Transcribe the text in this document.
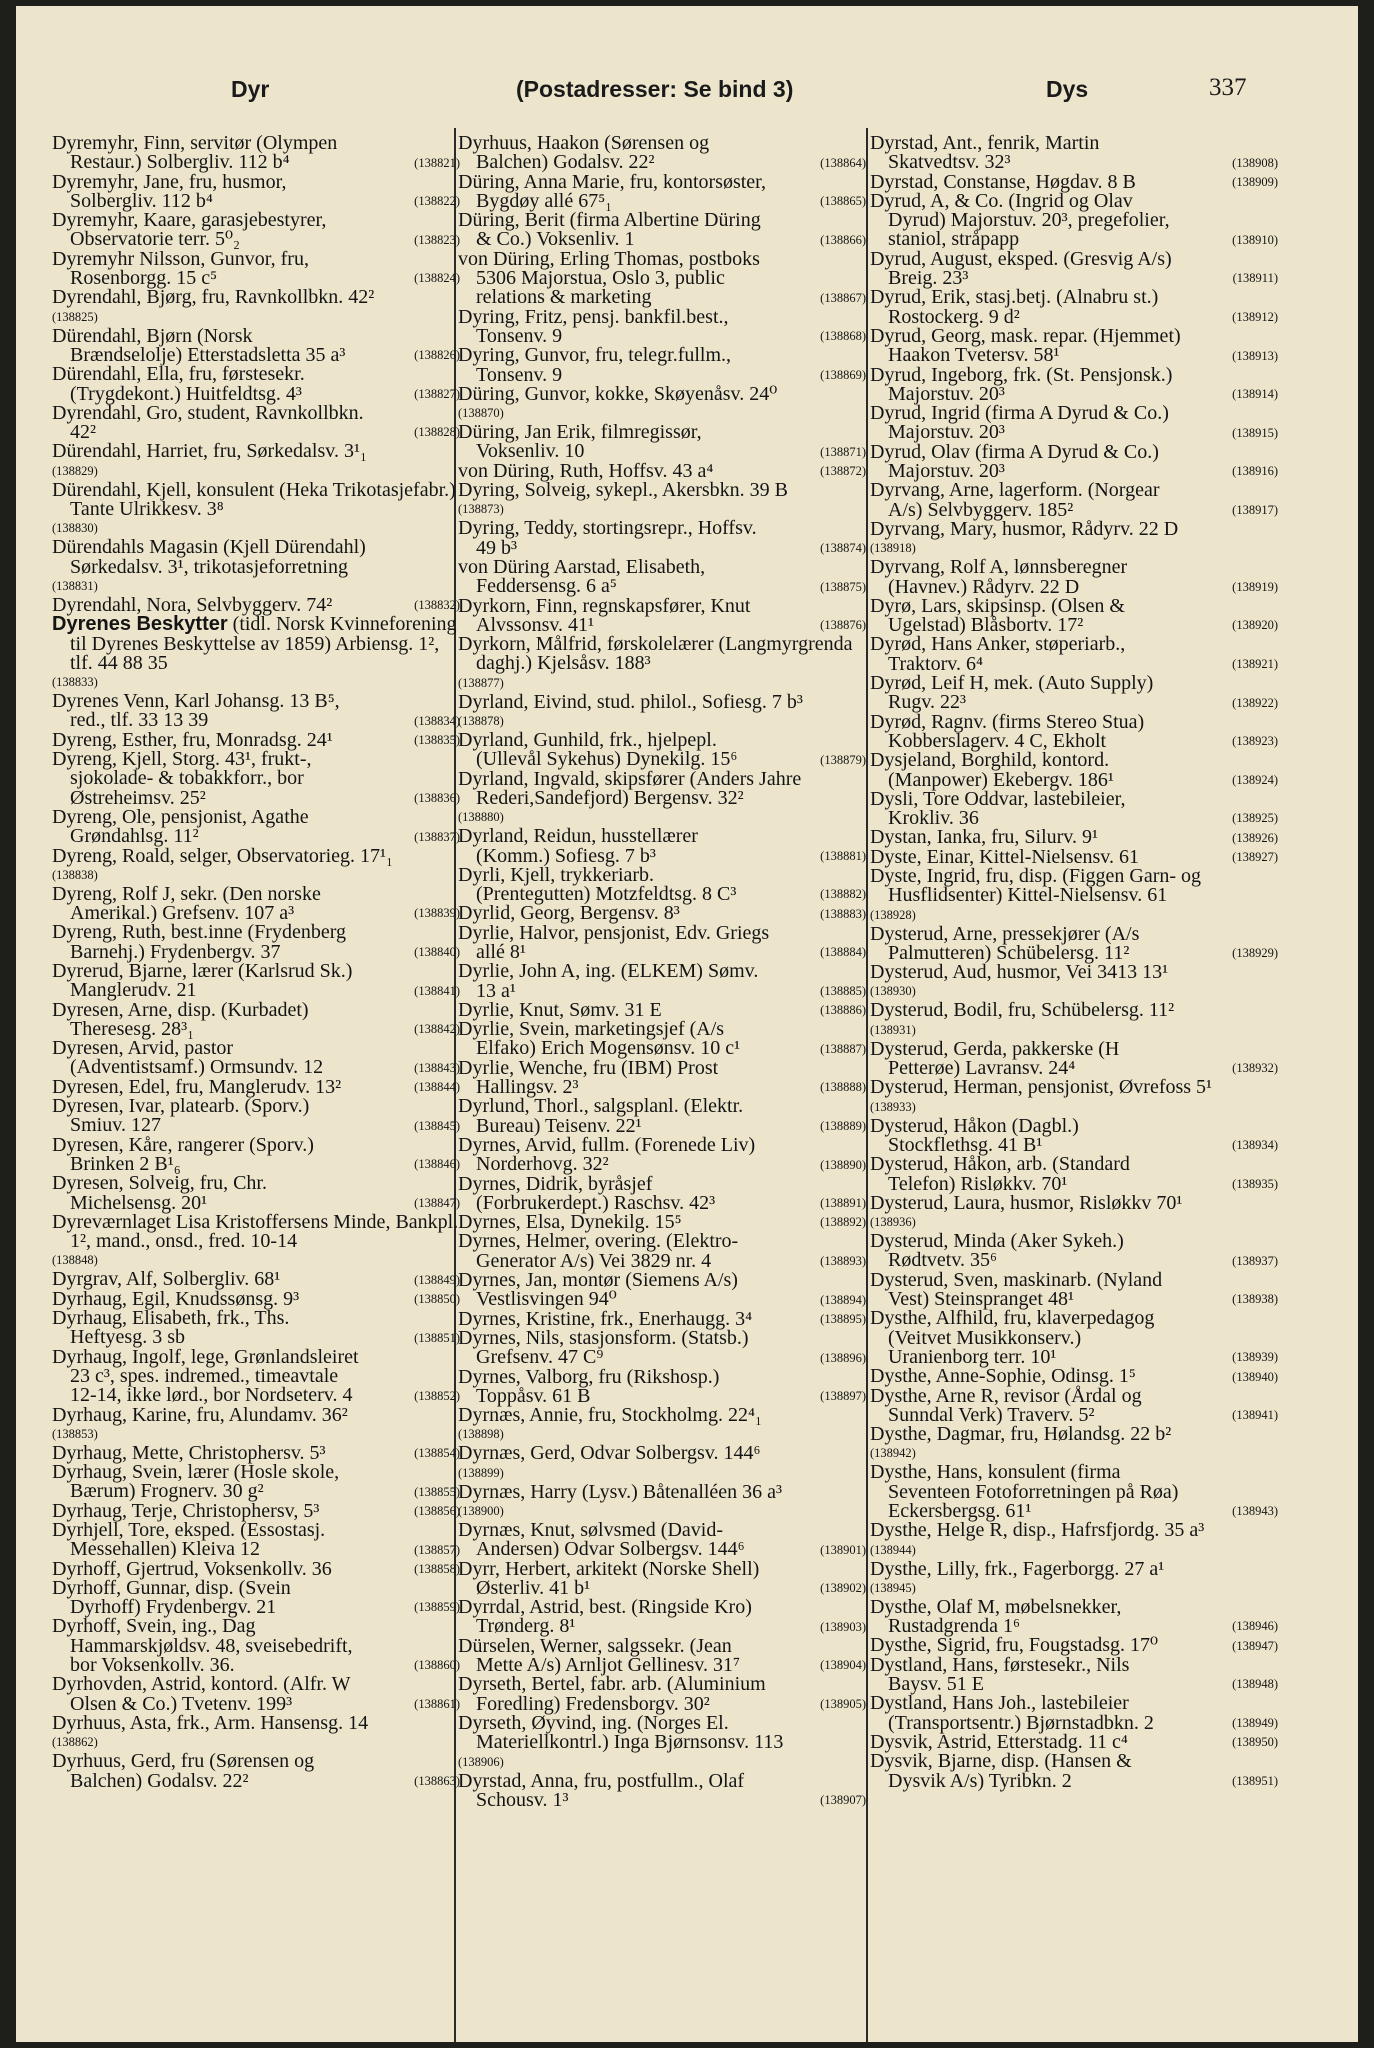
Dyr	(Postadresser: Se bind 3)	Dys	337
Dyremyhr, Finn, servitør (Olympen Restaur.) Solbergliv. 112 b⁴	(138821)
Dyremyhr, Jane, fru, husmor, Solbergliv. 112 b⁴	(138822)
Dyremyhr, Kaare, garasjebestyrer, Observatorie terr. 5⁰₂	(138823)
Dyremyhr Nilsson, Gunvor, fru, Rosenborgg. 15 c⁵	(138824)
Dyrendahl, Bjørg, fru, Ravnkollbkn. 42²
(138825)
Dürendahl, Bjørn (Norsk Brændselolje) Etterstadsletta 35 a³	(138826)
Dürendahl, Ella, fru, førstesekr. (Trygdekont.) Huitfeldtsg. 4³	(138827)
Dyrendahl, Gro, student, Ravnkollbkn. 42²	(138828)
Dürendahl, Harriet, fru, Sørkedalsv. 3¹₁
(138829)
Dürendahl, Kjell, konsulent (Heka Trikotasjefabr.) Tante Ulrikkesv. 3⁸
(138830)
Dürendahls Magasin (Kjell Dürendahl) Sørkedalsv. 3¹, trikotasjeforretning
(138831)
Dyrendahl, Nora, Selvbyggerv. 74²	(138832)
Dyrenes Beskytter (tidl. Norsk Kvinneforening til Dyrenes Beskyttelse av 1859) Arbiensg. 1², tlf. 44 88 35
(138833)
Dyrenes Venn, Karl Johansg. 13 B⁵, red., tlf. 33 13 39	(138834)
Dyreng, Esther, fru, Monradsg. 24¹	(138835)
Dyreng, Kjell, Storg. 43¹, frukt-, sjokolade- & tobakkforr., bor Østreheimsv. 25²	(138836)
Dyreng, Ole, pensjonist, Agathe Grøndahlsg. 11²	(138837)
Dyreng, Roald, selger, Observatorieg. 17¹₁
(138838)
Dyreng, Rolf J, sekr. (Den norske Amerikal.) Grefsenv. 107 a³	(138839)
Dyreng, Ruth, best.inne (Frydenberg Barnehj.) Frydenbergv. 37	(138840)
Dyrerud, Bjarne, lærer (Karlsrud Sk.) Manglerudv. 21	(138841)
Dyresen, Arne, disp. (Kurbadet) Theresesg. 28³₁	(138842)
Dyresen, Arvid, pastor (Adventistsamf.) Ormsundv. 12	(138843)
Dyresen, Edel, fru, Manglerudv. 13²	(138844)
Dyresen, Ivar, platearb. (Sporv.) Smiuv. 127	(138845)
Dyresen, Kåre, rangerer (Sporv.) Brinken 2 B¹₆	(138846)
Dyresen, Solveig, fru, Chr. Michelsensg. 20¹	(138847)
Dyreværnlaget Lisa Kristoffersens Minde, Bankpl. 1², mand., onsd., fred. 10-14
(138848)
Dyrgrav, Alf, Solbergliv. 68¹	(138849)
Dyrhaug, Egil, Knudssønsg. 9³	(138850)
Dyrhaug, Elisabeth, frk., Ths. Heftyesg. 3 sb	(138851)
Dyrhaug, Ingolf, lege, Grønlandsleiret 23 c³, spes. indremed., timeavtale 12-14, ikke lørd., bor Nordseterv. 4	(138852)
Dyrhaug, Karine, fru, Alundamv. 36²
(138853)
Dyrhaug, Mette, Christophersv. 5³	(138854)
Dyrhaug, Svein, lærer (Hosle skole, Bærum) Frognerv. 30 g²	(138855)
Dyrhaug, Terje, Christophersv, 5³	(138856)
Dyrhjell, Tore, eksped. (Essostasj. Messehallen) Kleiva 12	(138857)
Dyrhoff, Gjertrud, Voksenkollv. 36	(138858)
Dyrhoff, Gunnar, disp. (Svein Dyrhoff) Frydenbergv. 21	(138859)
Dyrhoff, Svein, ing., Dag Hammarskjøldsv. 48, sveisebedrift, bor Voksenkollv. 36.	(138860)
Dyrhovden, Astrid, kontord. (Alfr. W Olsen & Co.) Tvetenv. 199³	(138861)
Dyrhuus, Asta, frk., Arm. Hansensg. 14
(138862)
Dyrhuus, Gerd, fru (Sørensen og Balchen) Godalsv. 22²	(138863)
Dyrhuus, Haakon (Sørensen og Balchen) Godalsv. 22²	(138864)
Düring, Anna Marie, fru, kontorsøster, Bygdøy allé 67⁵₁	(138865)
Düring, Berit (firma Albertine Düring & Co.) Voksenliv. 1	(138866)
von Düring, Erling Thomas, postboks 5306 Majorstua, Oslo 3, public relations & marketing	(138867)
Dyring, Fritz, pensj. bankfil.best., Tonsenv. 9	(138868)
Dyring, Gunvor, fru, telegr.fullm., Tonsenv. 9	(138869)
Düring, Gunvor, kokke, Skøyenåsv. 24⁰
(138870)
Düring, Jan Erik, filmregissør, Voksenliv. 10	(138871)
von Düring, Ruth, Hoffsv. 43 a⁴	(138872)
Dyring, Solveig, sykepl., Akersbkn. 39 B
(138873)
Dyring, Teddy, stortingsrepr., Hoffsv. 49 b³	(138874)
von Düring Aarstad, Elisabeth, Feddersensg. 6 a⁵	(138875)
Dyrkorn, Finn, regnskapsfører, Knut Alvssonsv. 41¹	(138876)
Dyrkorn, Målfrid, førskolelærer (Langmyrgrenda daghj.) Kjelsåsv. 188³
(138877)
Dyrland, Eivind, stud. philol., Sofiesg. 7 b³
(138878)
Dyrland, Gunhild, frk., hjelpepl. (Ullevål Sykehus) Dynekilg. 15⁶	(138879)
Dyrland, Ingvald, skipsfører (Anders Jahre Rederi,Sandefjord) Bergensv. 32²
(138880)
Dyrland, Reidun, husstellærer (Komm.) Sofiesg. 7 b³	(138881)
Dyrli, Kjell, trykkeriarb. (Prentegutten) Motzfeldtsg. 8 C³	(138882)
Dyrlid, Georg, Bergensv. 8³	(138883)
Dyrlie, Halvor, pensjonist, Edv. Griegs allé 8¹	(138884)
Dyrlie, John A, ing. (ELKEM) Sømv. 13 a¹	(138885)
Dyrlie, Knut, Sømv. 31 E	(138886)
Dyrlie, Svein, marketingsjef (A/s Elfako) Erich Mogensønsv. 10 c¹	(138887)
Dyrlie, Wenche, fru (IBM) Prost Hallingsv. 2³	(138888)
Dyrlund, Thorl., salgsplanl. (Elektr. Bureau) Teisenv. 22¹	(138889)
Dyrnes, Arvid, fullm. (Forenede Liv) Norderhovg. 32²	(138890)
Dyrnes, Didrik, byråsjef (Forbrukerdept.) Raschsv. 42³	(138891)
Dyrnes, Elsa, Dynekilg. 15⁵	(138892)
Dyrnes, Helmer, overing. (Elektro-Generator A/s) Vei 3829 nr. 4	(138893)
Dyrnes, Jan, montør (Siemens A/s) Vestlisvingen 94⁰	(138894)
Dyrnes, Kristine, frk., Enerhaugg. 3⁴	(138895)
Dyrnes, Nils, stasjonsform. (Statsb.) Grefsenv. 47 C⁹	(138896)
Dyrnes, Valborg, fru (Rikshosp.) Toppåsv. 61 B	(138897)
Dyrnæs, Annie, fru, Stockholmg. 22⁴₁
(138898)
Dyrnæs, Gerd, Odvar Solbergsv. 144⁶
(138899)
Dyrnæs, Harry (Lysv.) Båtenalléen 36 a³
(138900)
Dyrnæs, Knut, sølvsmed (David-Andersen) Odvar Solbergsv. 144⁶	(138901)
Dyrr, Herbert, arkitekt (Norske Shell) Østerliv. 41 b¹	(138902)
Dyrrdal, Astrid, best. (Ringside Kro) Trønderg. 8¹	(138903)
Dürselen, Werner, salgssekr. (Jean Mette A/s) Arnljot Gellinesv. 31⁷	(138904)
Dyrseth, Bertel, fabr. arb. (Aluminium Foredling) Fredensborgv. 30²	(138905)
Dyrseth, Øyvind, ing. (Norges El. Materiellkontrl.) Inga Bjørnsonsv. 113
(138906)
Dyrstad, Anna, fru, postfullm., Olaf Schousv. 1³	(138907)
Dyrstad, Ant., fenrik, Martin Skatvedtsv. 32³	(138908)
Dyrstad, Constanse, Høgdav. 8 B	(138909)
Dyrud, A, & Co. (Ingrid og Olav Dyrud) Majorstuv. 20³, pregefolier, staniol, stråpapp	(138910)
Dyrud, August, eksped. (Gresvig A/s) Breig. 23³	(138911)
Dyrud, Erik, stasj.betj. (Alnabru st.) Rostockerg. 9 d²	(138912)
Dyrud, Georg, mask. repar. (Hjemmet) Haakon Tvetersv. 58¹	(138913)
Dyrud, Ingeborg, frk. (St. Pensjonsk.) Majorstuv. 20³	(138914)
Dyrud, Ingrid (firma A Dyrud & Co.) Majorstuv. 20³	(138915)
Dyrud, Olav (firma A Dyrud & Co.) Majorstuv. 20³	(138916)
Dyrvang, Arne, lagerform. (Norgear A/s) Selvbyggerv. 185²	(138917)
Dyrvang, Mary, husmor, Rådyrv. 22 D
(138918)
Dyrvang, Rolf A, lønnsberegner (Havnev.) Rådyrv. 22 D	(138919)
Dyrø, Lars, skipsinsp. (Olsen & Ugelstad) Blåsbortv. 17²	(138920)
Dyrød, Hans Anker, støperiarb., Traktorv. 6⁴	(138921)
Dyrød, Leif H, mek. (Auto Supply) Rugv. 22³	(138922)
Dyrød, Ragnv. (firms Stereo Stua) Kobberslagerv. 4 C, Ekholt	(138923)
Dysjeland, Borghild, kontord. (Manpower) Ekebergv. 186¹	(138924)
Dysli, Tore Oddvar, lastebileier, Krokliv. 36	(138925)
Dystan, Ianka, fru, Silurv. 9¹	(138926)
Dyste, Einar, Kittel-Nielsensv. 61	(138927)
Dyste, Ingrid, fru, disp. (Figgen Garn- og Husflidsenter) Kittel-Nielsensv. 61
(138928)
Dysterud, Arne, pressekjører (A/s Palmutteren) Schübelersg. 11²	(138929)
Dysterud, Aud, husmor, Vei 3413 13¹
(138930)
Dysterud, Bodil, fru, Schübelersg. 11²
(138931)
Dysterud, Gerda, pakkerske (H Petterøe) Lavransv. 24⁴	(138932)
Dysterud, Herman, pensjonist, Øvrefoss 5¹
(138933)
Dysterud, Håkon (Dagbl.) Stockflethsg. 41 B¹	(138934)
Dysterud, Håkon, arb. (Standard Telefon) Risløkkv. 70¹	(138935)
Dysterud, Laura, husmor, Risløkkv 70¹
(138936)
Dysterud, Minda (Aker Sykeh.) Rødtvetv. 35⁶	(138937)
Dysterud, Sven, maskinarb. (Nyland Vest) Steinspranget 48¹	(138938)
Dysthe, Alfhild, fru, klaverpedagog (Veitvet Musikkonserv.) Uranienborg terr. 10¹	(138939)
Dysthe, Anne-Sophie, Odinsg. 1⁵	(138940)
Dysthe, Arne R, revisor (Årdal og Sunndal Verk) Traverv. 5²	(138941)
Dysthe, Dagmar, fru, Hølandsg. 22 b²
(138942)
Dysthe, Hans, konsulent (firma Seventeen Fotoforretningen på Røa) Eckersbergsg. 61¹	(138943)
Dysthe, Helge R, disp., Hafrsfjordg. 35 a³
(138944)
Dysthe, Lilly, frk., Fagerborgg. 27 a¹
(138945)
Dysthe, Olaf M, møbelsnekker, Rustadgrenda 1⁶	(138946)
Dysthe, Sigrid, fru, Fougstadsg. 17⁰	(138947)
Dystland, Hans, førstesekr., Nils Baysv. 51 E	(138948)
Dystland, Hans Joh., lastebileier (Transportsentr.) Bjørnstadbkn. 2	(138949)
Dysvik, Astrid, Etterstadg. 11 c⁴	(138950)
Dysvik, Bjarne, disp. (Hansen & Dysvik A/s) Tyribkn. 2	(138951)
